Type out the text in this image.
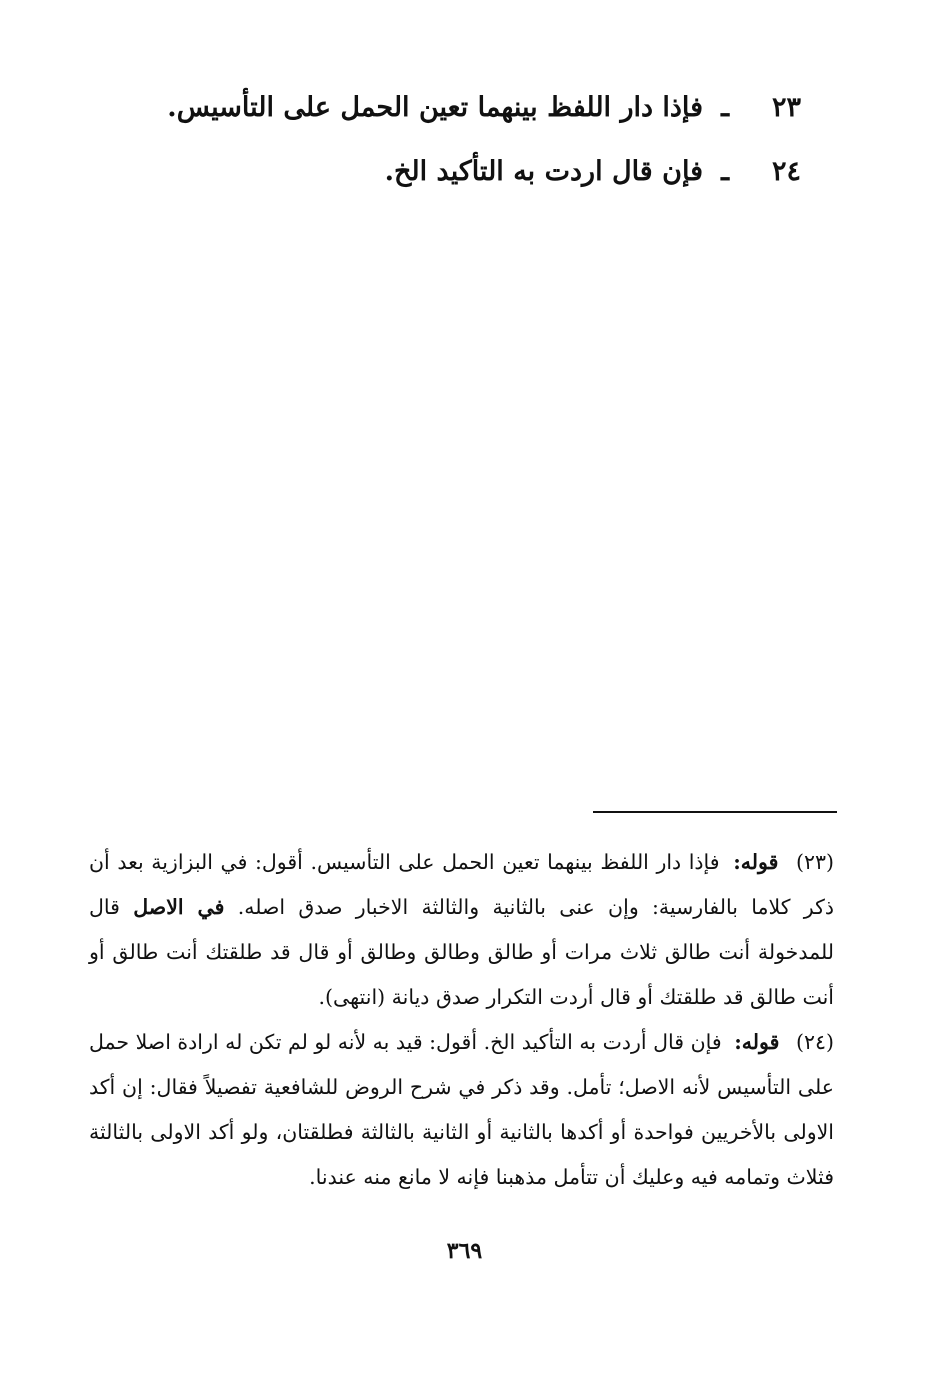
٢٣
ـ
فإذا دار اللفظ بينهما تعين الحمل على التأسيس.
٢٤
ـ
فإن قال اردت به التأكيد الخ.

(٢٣) قوله: فإذا دار اللفظ بينهما تعين الحمل على التأسيس. أقول: في البزازية بعد أن ذكر كلاما بالفارسية: وإن عنى بالثانية والثالثة الاخبار صدق اصله. في الاصل قال للمدخولة أنت طالق ثلاث مرات أو طالق وطالق وطالق أو قال قد طلقتك أنت طالق أو أنت طالق قد طلقتك أو قال أردت التكرار صدق ديانة (انتهى).

(٢٤) قوله: فإن قال أردت به التأكيد الخ. أقول: قيد به لأنه لو لم تكن له ارادة اصلا حمل على التأسيس لأنه الاصل؛ تأمل. وقد ذكر في شرح الروض للشافعية تفصيلاً فقال: إن أكد الاولى بالأخريين فواحدة أو أكدها بالثانية أو الثانية بالثالثة فطلقتان، ولو أكد الاولى بالثالثة فثلاث وتمامه فيه وعليك أن تتأمل مذهبنا فإنه لا مانع منه عندنا.

٣٦٩
